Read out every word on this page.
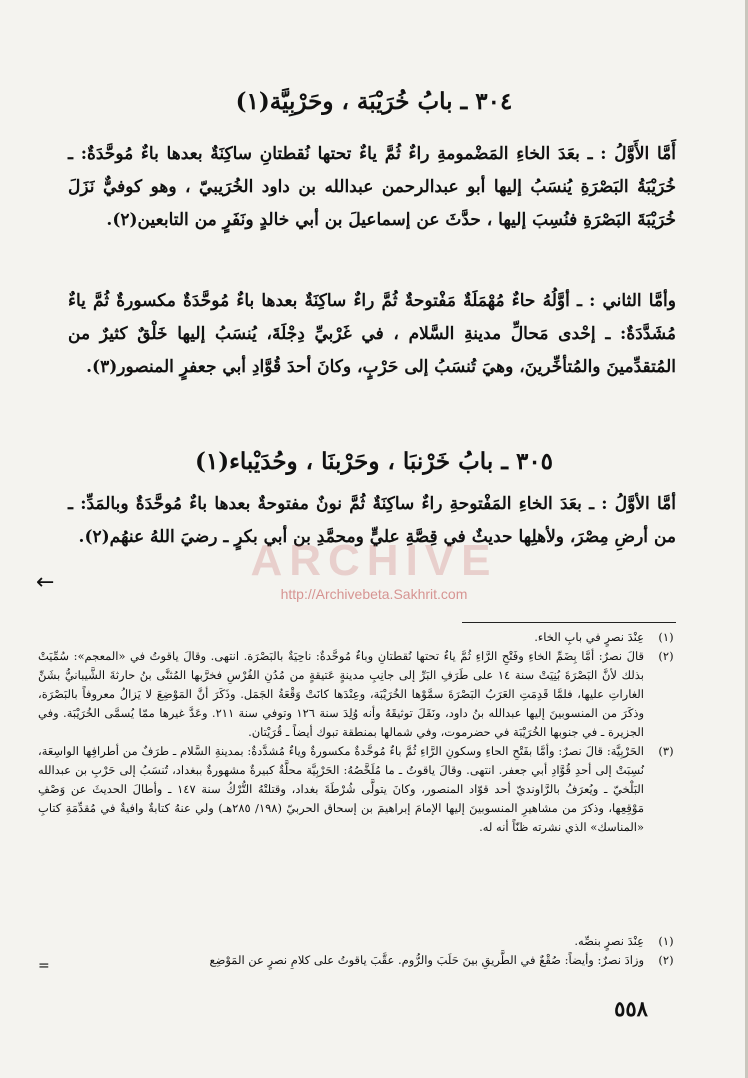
٣٠٤ ـ بابُ خُرَيْبَة ، وحَرْبِيَّة(١)
أَمَّا الأَوَّلُ : ـ بعَدَ الخاءِ المَضْمومةِ راءٌ ثُمَّ ياءٌ تحتها نُقطتانِ ساكِنَةٌ بعدها باءٌ مُوحَّدَةٌ: ـ خُرَيْبَةُ البَصْرَةِ يُنسَبُ إليها أبو عبدالرحمن عبدالله بن داود الخُرَيبيّ ، وهو كوفيٌّ نَزَلَ خُرَيْبَةَ البَصْرَةِ فنُسِبَ إليها ، حدَّثَ عن إسماعيلَ بن أبي خالدٍ ونَفَرٍ من التابعين(٢).
وأمَّا الثاني : ـ أوَّلُهُ حاءٌ مُهْمَلَةٌ مَفْتوحةٌ ثُمَّ راءٌ ساكِنَةٌ بعدها باءٌ مُوحَّدَةٌ مكسورةٌ ثُمَّ ياءٌ مُشَدَّدَةٌ: ـ إحْدى مَحالِّ مدينةِ السَّلام ، في غَرْبيِّ دِجْلَةَ، يُنسَبُ إليها خَلْقٌ كثيرٌ من المُتقدِّمينَ والمُتأخِّرينَ، وهيَ تُنسَبُ إلى حَرْبٍ، وكانَ أحدَ قُوَّادِ أبي جعفرٍ المنصور(٣).
٣٠٥ ـ بابُ خَرْنبَا ، وحَرْبنَا ، وحُدَيْباء(١)
أمَّا الأوَّلُ : ـ بعَدَ الخاءِ المَفْتوحةِ راءٌ ساكِنَةٌ ثُمَّ نونٌ مفتوحةٌ بعدها باءٌ مُوحَّدَةٌ وبالمَدِّ: ـ من أرضِ مِصْرَ، ولأهلِها حديثٌ في قِصَّةِ عليٍّ ومحمَّدِ بن أبي بكرٍ ـ رضيَ اللهُ عنهُم(٢).
ARCHIVE
http://Archivebeta.Sakhrit.com
←
(١)
عِنْدَ نصرٍ في بابِ الخاء.
(٢)
قالَ نصرٌ: أمَّا بِضَمِّ الخاءِ وفَتْحِ الرَّاءِ ثُمَّ ياءٌ تحتها نُقطتانِ وباءٌ مُوحَّدةٌ: ناحِيَةٌ بالبَصْرَة. انتهى. وقالَ ياقوتُ في «المعجم»: سُمِّيَتْ بذلك لأنَّ البَصْرَةَ بُنِيَتْ سنة ١٤ على طَرَفِ البَرِّ إلى جانِبِ مدينةٍ عَتيقةٍ من مُدُنِ الفُرْسِ فخرَّبها المُثنَّى بنُ حارثةَ الشَّيبانيُّ بشَنِّ الغاراتِ عليها، فلمَّا قَدِمَتِ العَرَبُ البَصْرَةَ سمَّوْها الخُرَيْبَة، وعِنْدَها كانَتْ وَقْعَةُ الجَمَل. وذَكَرَ أنَّ المَوْضِعَ لا يَزالُ معروفاً بالبَصْرَة، وذكَرَ من المنسوبينَ إليها عبدالله بنُ داود، ونَقَلَ توثيقَهُ وأنه وُلِدَ سنة ١٢٦ وتوفي سنة ٢١١. وعَدَّ غيرها ممّا يُسمَّى الخُرَيْبَة. وفي الجزيرة ـ في جنوبها الخُرَيْبَة في حضرموت، وفي شمالها بمنطقة تبوك أيضاً ـ قُرَيْتان.
(٣)
الحَرْبِيَّة: قالَ نصرٌ: وأمَّا بفَتْحِ الحاءِ وسكونِ الرَّاءِ ثُمَّ باءٌ مُوحَّدةٌ مكسورةٌ وياءٌ مُشدَّدةٌ: بمدينةِ السَّلام ـ طرَفٌ من أطرافِها الواسِعَة، نُسِبَتْ إلى أحدِ قُوَّادِ أبي جعفر. انتهى. وقالَ ياقوتُ ـ ما مُلَخَّصُهُ: الحَرْبِيَّة محلَّةٌ كبيرةٌ مشهورةٌ ببغداد، تُنسَبُ إلى حَرْبِ بن عبدالله البَلْخيّ ـ ويُعرَفُ بالرَّاونديّ أحد قوّاد المنصور، وكانَ يتولَّى شُرْطَةَ بغداد، وقتلتْهُ التُّرْكُ سنة ١٤٧ ـ وأطالَ الحديثَ عن وَصْفِ مَوْقِعِها، وذكرَ من مشاهيرِ المنسوبينَ إليها الإمامَ إبراهيمَ بن إسحاق الحربيّ (١٩٨/ ٢٨٥هـ) ولي عنهُ كتابةٌ وافيةٌ في مُقدِّمَةِ كتابِ «المناسك» الذي نشرته ظنّاً أنه له.
(١)
عِنْدَ نصرٍ بنصِّه.
(٢)
وزادَ نصرٌ: وأيضاً: صُقْعٌ في الطَّريقِ بينَ حَلَبَ والرُّوم. عقَّبَ ياقوتُ على كلامِ نصرٍ عن المَوْضِع
=
٥٥٨
